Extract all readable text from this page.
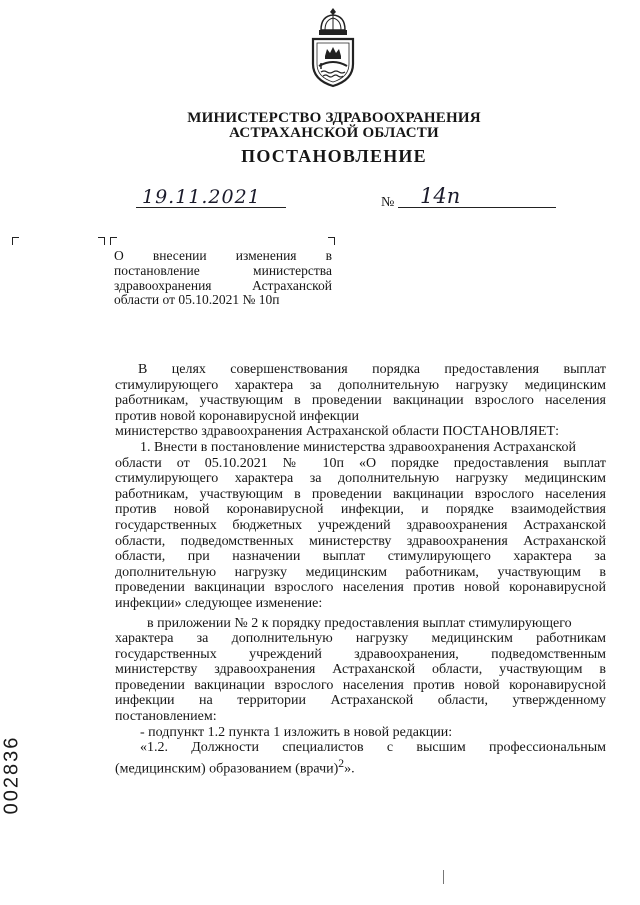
МИНИСТЕРСТВО ЗДРАВООХРАНЕНИЯ
АСТРАХАНСКОЙ ОБЛАСТИ
ПОСТАНОВЛЕНИЕ
19.11.2021	№ 14п
О внесении изменения в
постановление министерства
здравоохранения Астраханской
области от 05.10.2021 № 10п
В целях совершенствования порядка предоставления выплат
стимулирующего характера за дополнительную нагрузку медицинским
работникам, участвующим в проведении вакцинации взрослого населения
против новой коронавирусной инфекции
министерство здравоохранения Астраханской области ПОСТАНОВЛЯЕТ:
1. Внести в постановление министерства здравоохранения Астраханской
области от 05.10.2021 № 10п «О порядке предоставления выплат
стимулирующего характера за дополнительную нагрузку медицинским
работникам, участвующим в проведении вакцинации взрослого населения
против новой коронавирусной инфекции, и порядке взаимодействия
государственных бюджетных учреждений здравоохранения Астраханской
области, подведомственных министерству здравоохранения Астраханской
области, при назначении выплат стимулирующего характера за
дополнительную нагрузку медицинским работникам, участвующим в
проведении вакцинации взрослого населения против новой коронавирусной
инфекции» следующее изменение:
в приложении № 2 к порядку предоставления выплат стимулирующего
характера за дополнительную нагрузку медицинским работникам
государственных учреждений здравоохранения, подведомственным
министерству здравоохранения Астраханской области, участвующим в
проведении вакцинации взрослого населения против новой коронавирусной
инфекции на территории Астраханской области, утвержденному
постановлением:
- подпункт 1.2 пункта 1 изложить в новой редакции:
«1.2. Должности специалистов с высшим профессиональным
(медицинским) образованием (врачи)$^2$».
002836
